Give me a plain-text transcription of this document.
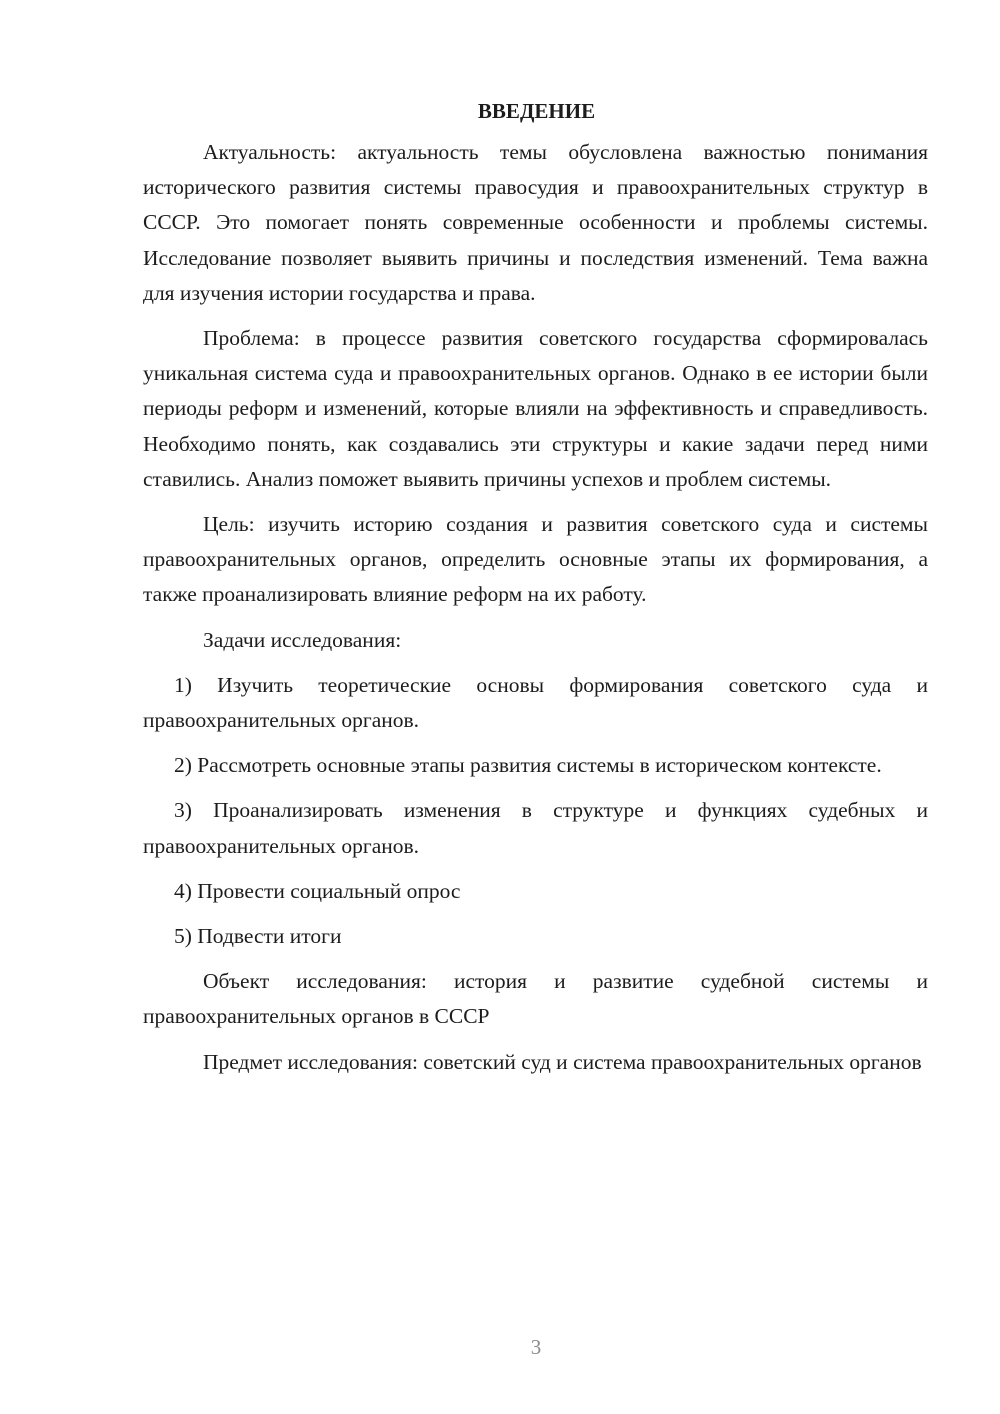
ВВЕДЕНИЕ

Актуальность: актуальность темы обусловлена важностью понимания исторического развития системы правосудия и правоохранительных структур в СССР. Это помогает понять современные особенности и проблемы системы. Исследование позволяет выявить причины и последствия изменений. Тема важна для изучения истории государства и права.

Проблема: в процессе развития советского государства сформировалась уникальная система суда и правоохранительных органов. Однако в ее истории были периоды реформ и изменений, которые влияли на эффективность и справедливость. Необходимо понять, как создавались эти структуры и какие задачи перед ними ставились. Анализ поможет выявить причины успехов и проблем системы.

Цель: изучить историю создания и развития советского суда и системы правоохранительных органов, определить основные этапы их формирования, а также проанализировать влияние реформ на их работу.

Задачи исследования:

1) Изучить теоретические основы формирования советского суда и правоохранительных органов.

2) Рассмотреть основные этапы развития системы в историческом контексте.

3) Проанализировать изменения в структуре и функциях судебных и правоохранительных органов.

4) Провести социальный опрос

5) Подвести итоги

Объект исследования: история и развитие судебной системы и правоохранительных органов в СССР

Предмет исследования: советский суд и система правоохранительных органов

3
